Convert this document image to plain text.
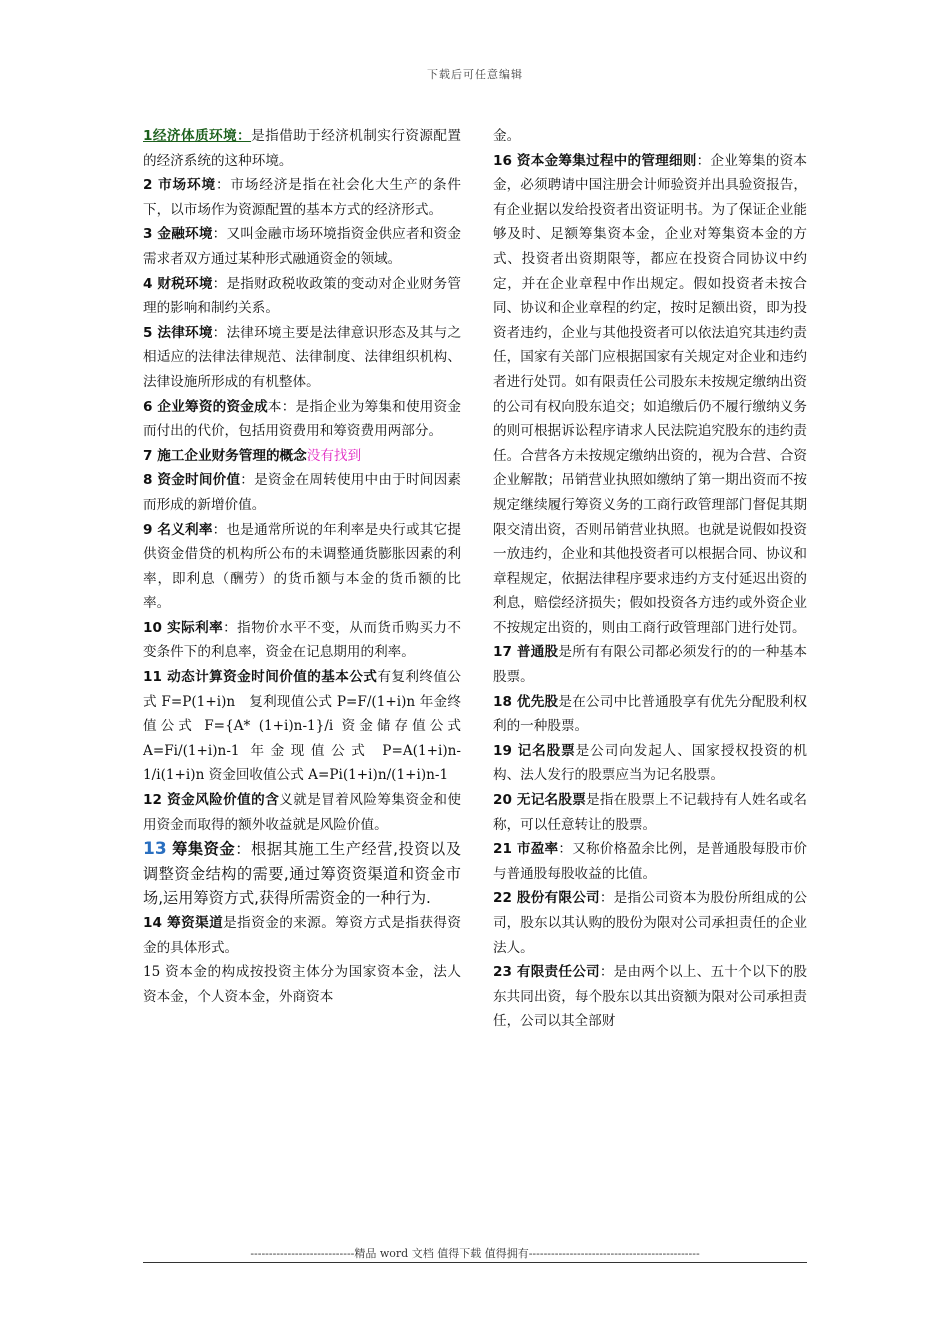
下载后可任意编辑

1经济体质环境：是指借助于经济机制实行资源配置的经济系统的这种环境。

2 市场环境：市场经济是指在社会化大生产的条件下，以市场作为资源配置的基本方式的经济形式。

3 金融环境：又叫金融市场环境指资金供应者和资金需求者双方通过某种形式融通资金的领域。

4 财税环境：是指财政税收政策的变动对企业财务管理的影响和制约关系。

5 法律环境：法律环境主要是法律意识形态及其与之相适应的法律法律规范、法律制度、法律组织机构、法律设施所形成的有机整体。

6 企业筹资的资金成本：是指企业为筹集和使用资金而付出的代价，包括用资费用和筹资费用两部分。

7 施工企业财务管理的概念没有找到

8 资金时间价值：是资金在周转使用中由于时间因素而形成的新增价值。

9 名义利率：也是通常所说的年利率是央行或其它提供资金借贷的机构所公布的未调整通货膨胀因素的利率，即利息（酬劳）的货币额与本金的货币额的比率。

10 实际利率：指物价水平不变，从而货币购买力不变条件下的利息率，资金在记息期用的利率。

11 动态计算资金时间价值的基本公式有复利终值公式 F=P(1+i)n　复利现值公式 P=F/(1+i)n 年金终值公式 F={A* (1+i)n-1}/i 资金储存值公式 A=Fi/(1+i)n-1 年金现值公式 P=A(1+i)n-1/i(1+i)n 资金回收值公式 A=Pi(1+i)n/(1+i)n-1

12 资金风险价值的含义就是冒着风险筹集资金和使用资金而取得的额外收益就是风险价值。

13 筹集资金：根据其施工生产经营,投资以及调整资金结构的需要,通过筹资资渠道和资金市场,运用筹资方式,获得所需资金的一种行为.

14 筹资渠道是指资金的来源。筹资方式是指获得资金的具体形式。

15 资本金的构成按投资主体分为国家资本金，法人资本金，个人资本金，外商资本

金。

16 资本金筹集过程中的管理细则：企业筹集的资本金，必须聘请中国注册会计师验资并出具验资报告，有企业据以发给投资者出资证明书。为了保证企业能够及时、足额筹集资本金，企业对筹集资本金的方式、投资者出资期限等，都应在投资合同协议中约定，并在企业章程中作出规定。假如投资者未按合同、协议和企业章程的约定，按时足额出资，即为投资者违约，企业与其他投资者可以依法追究其违约责任，国家有关部门应根据国家有关规定对企业和违约者进行处罚。如有限责任公司股东未按规定缴纳出资的公司有权向股东追交；如追缴后仍不履行缴纳义务的则可根据诉讼程序请求人民法院追究股东的违约责任。合营各方未按规定缴纳出资的，视为合营、合资企业解散；吊销营业执照如缴纳了第一期出资而不按规定继续履行筹资义务的工商行政管理部门督促其期限交清出资，否则吊销营业执照。也就是说假如投资一放违约，企业和其他投资者可以根据合同、协议和章程规定，依据法律程序要求违约方支付延迟出资的利息，赔偿经济损失；假如投资各方违约或外资企业不按规定出资的，则由工商行政管理部门进行处罚。

17 普通股是所有有限公司都必须发行的的一种基本股票。

18 优先股是在公司中比普通股享有优先分配股利权利的一种股票。

19 记名股票是公司向发起人、国家授权投资的机构、法人发行的股票应当为记名股票。

20 无记名股票是指在股票上不记载持有人姓名或名称，可以任意转让的股票。

21 市盈率：又称价格盈余比例，是普通股每股市价与普通股每股收益的比值。

22 股份有限公司：是指公司资本为股份所组成的公司，股东以其认购的股份为限对公司承担责任的企业法人。

23 有限责任公司：是由两个以上、五十个以下的股东共同出资，每个股东以其出资额为限对公司承担责任，公司以其全部财

----------------------------精品 word 文档 值得下载 值得拥有----------------------------------------------
